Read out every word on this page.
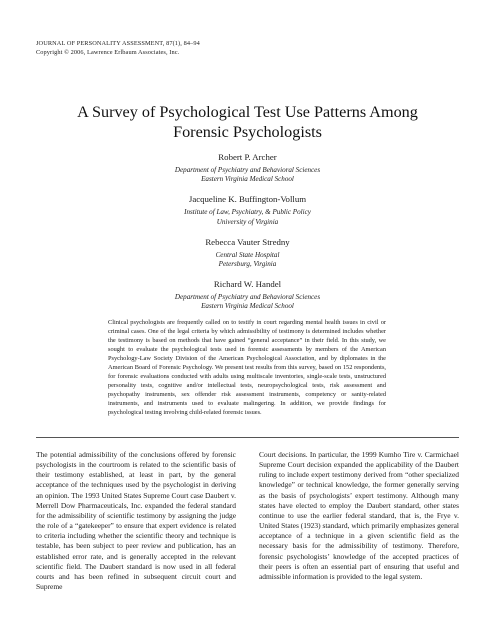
JOURNAL OF PERSONALITY ASSESSMENT, 87(1), 84–94
Copyright © 2006, Lawrence Erlbaum Associates, Inc.
A Survey of Psychological Test Use Patterns Among
Forensic Psychologists
Robert P. Archer
Department of Psychiatry and Behavioral Sciences
Eastern Virginia Medical School
Jacqueline K. Buffington-Vollum
Institute of Law, Psychiatry, & Public Policy
University of Virginia
Rebecca Vauter Stredny
Central State Hospital
Petersburg, Virginia
Richard W. Handel
Department of Psychiatry and Behavioral Sciences
Eastern Virginia Medical School
Clinical psychologists are frequently called on to testify in court regarding mental health issues in civil or criminal cases. One of the legal criteria by which admissibility of testimony is determined includes whether the testimony is based on methods that have gained “general acceptance” in their field. In this study, we sought to evaluate the psychological tests used in forensic assessments by members of the American Psychology-Law Society Division of the American Psychological Association, and by diplomates in the American Board of Forensic Psychology. We present test results from this survey, based on 152 respondents, for forensic evaluations conducted with adults using multiscale inventories, single-scale tests, unstructured personality tests, cognitive and/or intellectual tests, neuropsychological tests, risk assessment and psychopathy instruments, sex offender risk assessment instruments, competency or sanity-related instruments, and instruments used to evaluate malingering. In addition, we provide findings for psychological testing involving child-related forensic issues.

The potential admissibility of the conclusions offered by forensic psychologists in the courtroom is related to the scientific basis of their testimony established, at least in part, by the general acceptance of the techniques used by the psychologist in deriving an opinion. The 1993 United States Supreme Court case Daubert v. Merrell Dow Pharmaceuticals, Inc. expanded the federal standard for the admissibility of scientific testimony by assigning the judge the role of a “gatekeeper” to ensure that expert evidence is related to criteria including whether the scientific theory and technique is testable, has been subject to peer review and publication, has an established error rate, and is generally accepted in the relevant scientific field. The Daubert standard is now used in all federal courts and has been refined in subsequent circuit court and Supreme

Court decisions. In particular, the 1999 Kumho Tire v. Carmichael Supreme Court decision expanded the applicability of the Daubert ruling to include expert testimony derived from “other specialized knowledge” or technical knowledge, the former generally serving as the basis of psychologists’ expert testimony. Although many states have elected to employ the Daubert standard, other states continue to use the earlier federal standard, that is, the Frye v. United States (1923) standard, which primarily emphasizes general acceptance of a technique in a given scientific field as the necessary basis for the admissibility of testimony. Therefore, forensic psychologists’ knowledge of the accepted practices of their peers is often an essential part of ensuring that useful and admissible information is provided to the legal system.
